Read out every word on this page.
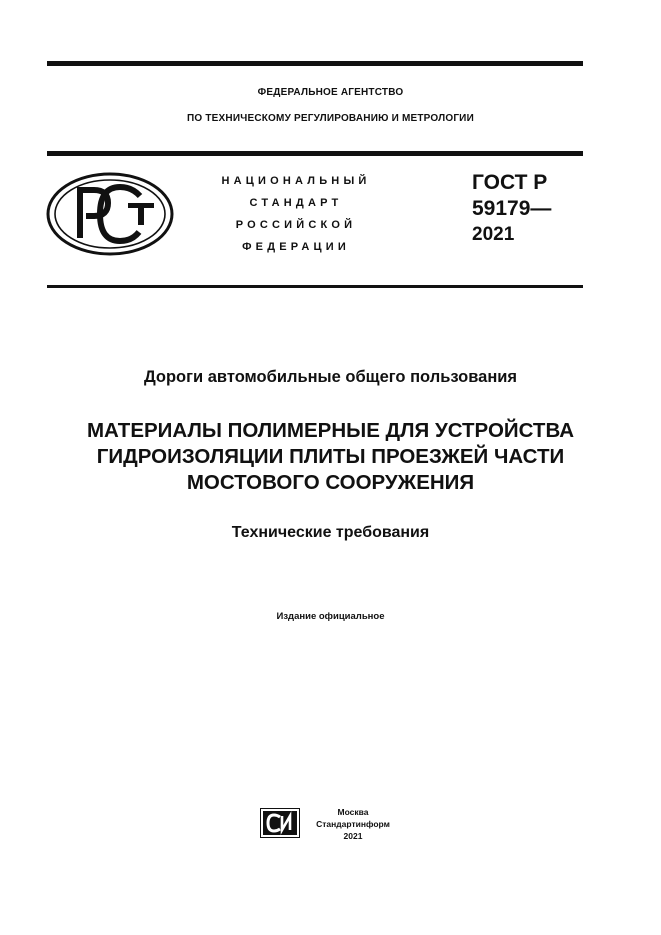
ФЕДЕРАЛЬНОЕ АГЕНТСТВО
ПО ТЕХНИЧЕСКОМУ РЕГУЛИРОВАНИЮ И МЕТРОЛОГИИ
НАЦИОНАЛЬНЫЙ
СТАНДАРТ
РОССИЙСКОЙ
ФЕДЕРАЦИИ
ГОСТ Р
59179—
2021
Дороги автомобильные общего пользования
МАТЕРИАЛЫ ПОЛИМЕРНЫЕ ДЛЯ УСТРОЙСТВА
ГИДРОИЗОЛЯЦИИ ПЛИТЫ ПРОЕЗЖЕЙ ЧАСТИ
МОСТОВОГО СООРУЖЕНИЯ
Технические требования
Издание официальное
Москва
Стандартинформ
2021
